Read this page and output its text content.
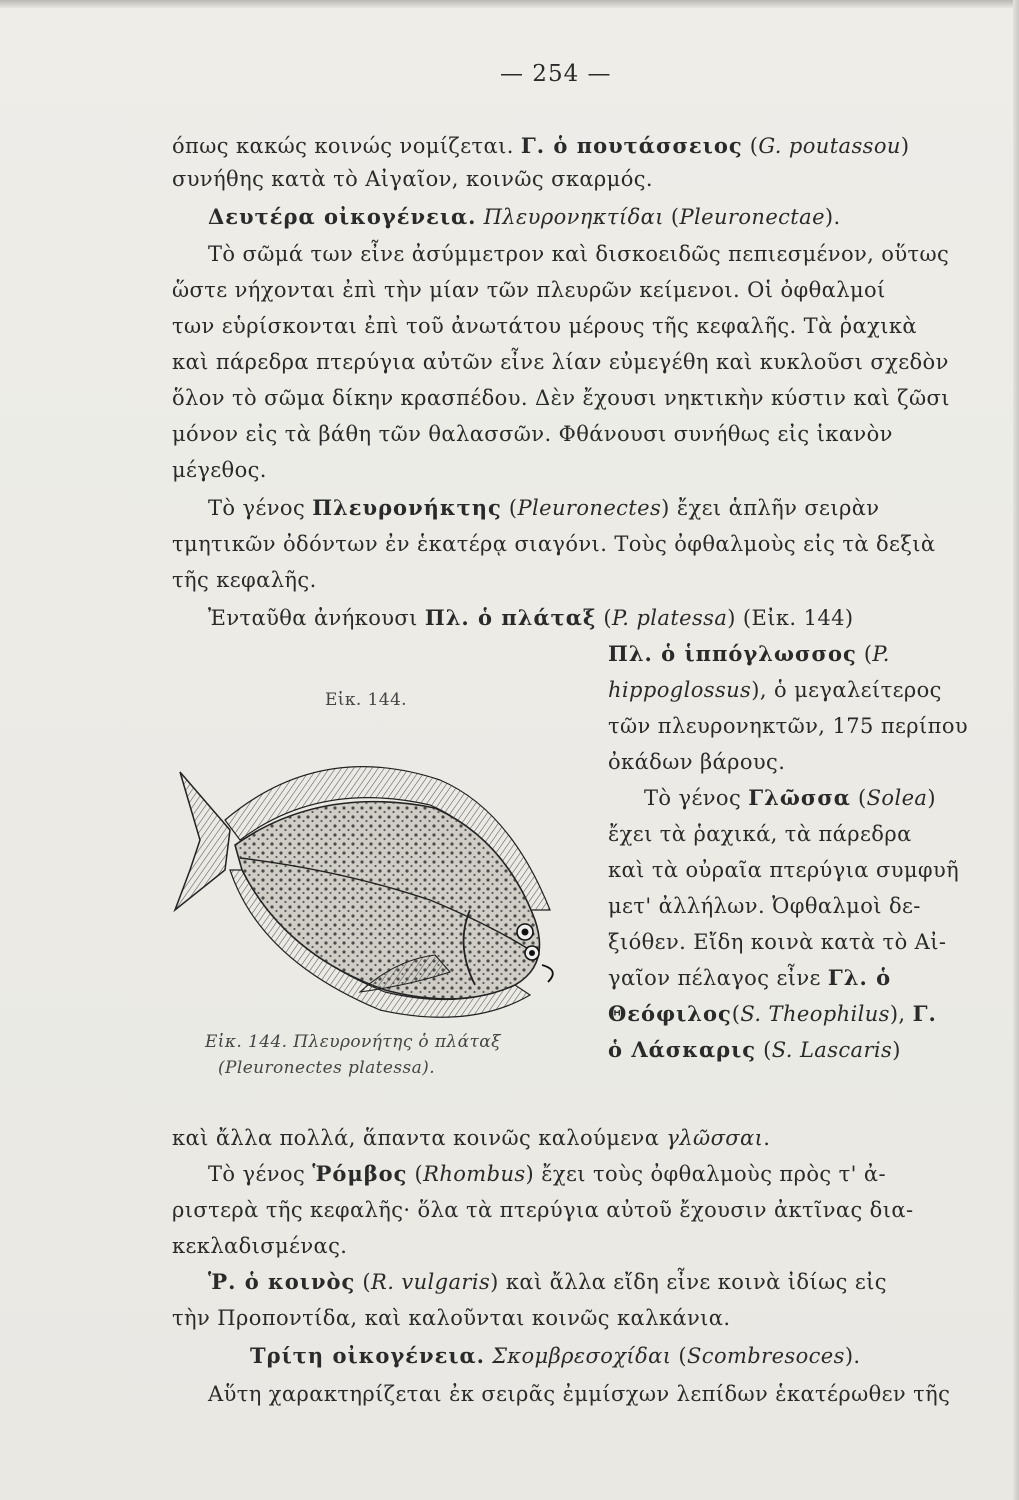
— 254 —
όπως κακώς κοινώς νομίζεται. Γ. ὁ πουτάσσειος (G. poutassou)
συνήθης κατὰ τὸ Αἰγαῖον, κοινῶς σκαρμός.
Δευτέρα οἰκογένεια. Πλευρονηκτίδαι (Pleuronectae).
Τὸ σῶμά των εἶνε ἀσύμμετρον καὶ δισκοειδῶς πεπιεσμένον, οὕτως
ὥστε νήχονται ἐπὶ τὴν μίαν τῶν πλευρῶν κείμενοι. Οἱ ὀφθαλμοί
των εὑρίσκονται ἐπὶ τοῦ ἀνωτάτου μέρους τῆς κεφαλῆς. Τὰ ῥαχικὰ
καὶ πάρεδρα πτερύγια αὐτῶν εἶνε λίαν εὐμεγέθη καὶ κυκλοῦσι σχεδὸν
ὅλον τὸ σῶμα δίκην κρασπέδου. Δὲν ἔχουσι νηκτικὴν κύστιν καὶ ζῶσι
μόνον εἰς τὰ βάθη τῶν θαλασσῶν. Φθάνουσι συνήθως εἰς ἱκανὸν
μέγεθος.
Τὸ γένος Πλευρονήκτης (Pleuronectes) ἔχει ἁπλῆν σειρὰν
τμητικῶν ὀδόντων ἐν ἑκατέρᾳ σιαγόνι. Τοὺς ὀφθαλμοὺς εἰς τὰ δεξιὰ
τῆς κεφαλῆς.
Ἐνταῦθα ἀνήκουσι Πλ. ὁ πλάταξ (P. platessa) (Εἰκ. 144)
Πλ. ὁ ἱππόγλωσσος (P.
hippoglossus), ὁ μεγαλείτερος
τῶν πλευρονηκτῶν, 175 περίπου
ὀκάδων βάρους.
Τὸ γένος Γλῶσσα (Solea)
ἔχει τὰ ῥαχικά, τὰ πάρεδρα
καὶ τὰ οὐραῖα πτερύγια συμφυῆ
μετ' ἀλλήλων. Ὀφθαλμοὶ δε-
ξιόθεν. Εἴδη κοινὰ κατὰ τὸ Αἰ-
γαῖον πέλαγος εἶνε Γλ. ὁ
Θεόφιλος(S. Theophilus), Γ.
ὁ Λάσκαρις (S. Lascaris)
Εἰκ. 144.
Εἰκ. 144. Πλευρονήτης ὁ πλάταξ
(Pleuronectes platessa).
καὶ ἄλλα πολλά, ἅπαντα κοινῶς καλούμενα γλῶσσαι.
Τὸ γένος Ῥόμβος (Rhombus) ἔχει τοὺς ὀφθαλμοὺς πρὸς τ' ἀ-
ριστερὰ τῆς κεφαλῆς· ὅλα τὰ πτερύγια αὐτοῦ ἔχουσιν ἀκτῖνας δια-
κεκλαδισμένας.
Ῥ. ὁ κοινὸς (R. vulgaris) καὶ ἄλλα εἴδη εἶνε κοινὰ ἰδίως εἰς
τὴν Προποντίδα, καὶ καλοῦνται κοινῶς καλκάνια.
Τρίτη οἰκογένεια. Σκομβρεσοχίδαι (Scombresoces).
Αὕτη χαρακτηρίζεται ἐκ σειρᾶς ἐμμίσχων λεπίδων ἑκατέρωθεν τῆς
